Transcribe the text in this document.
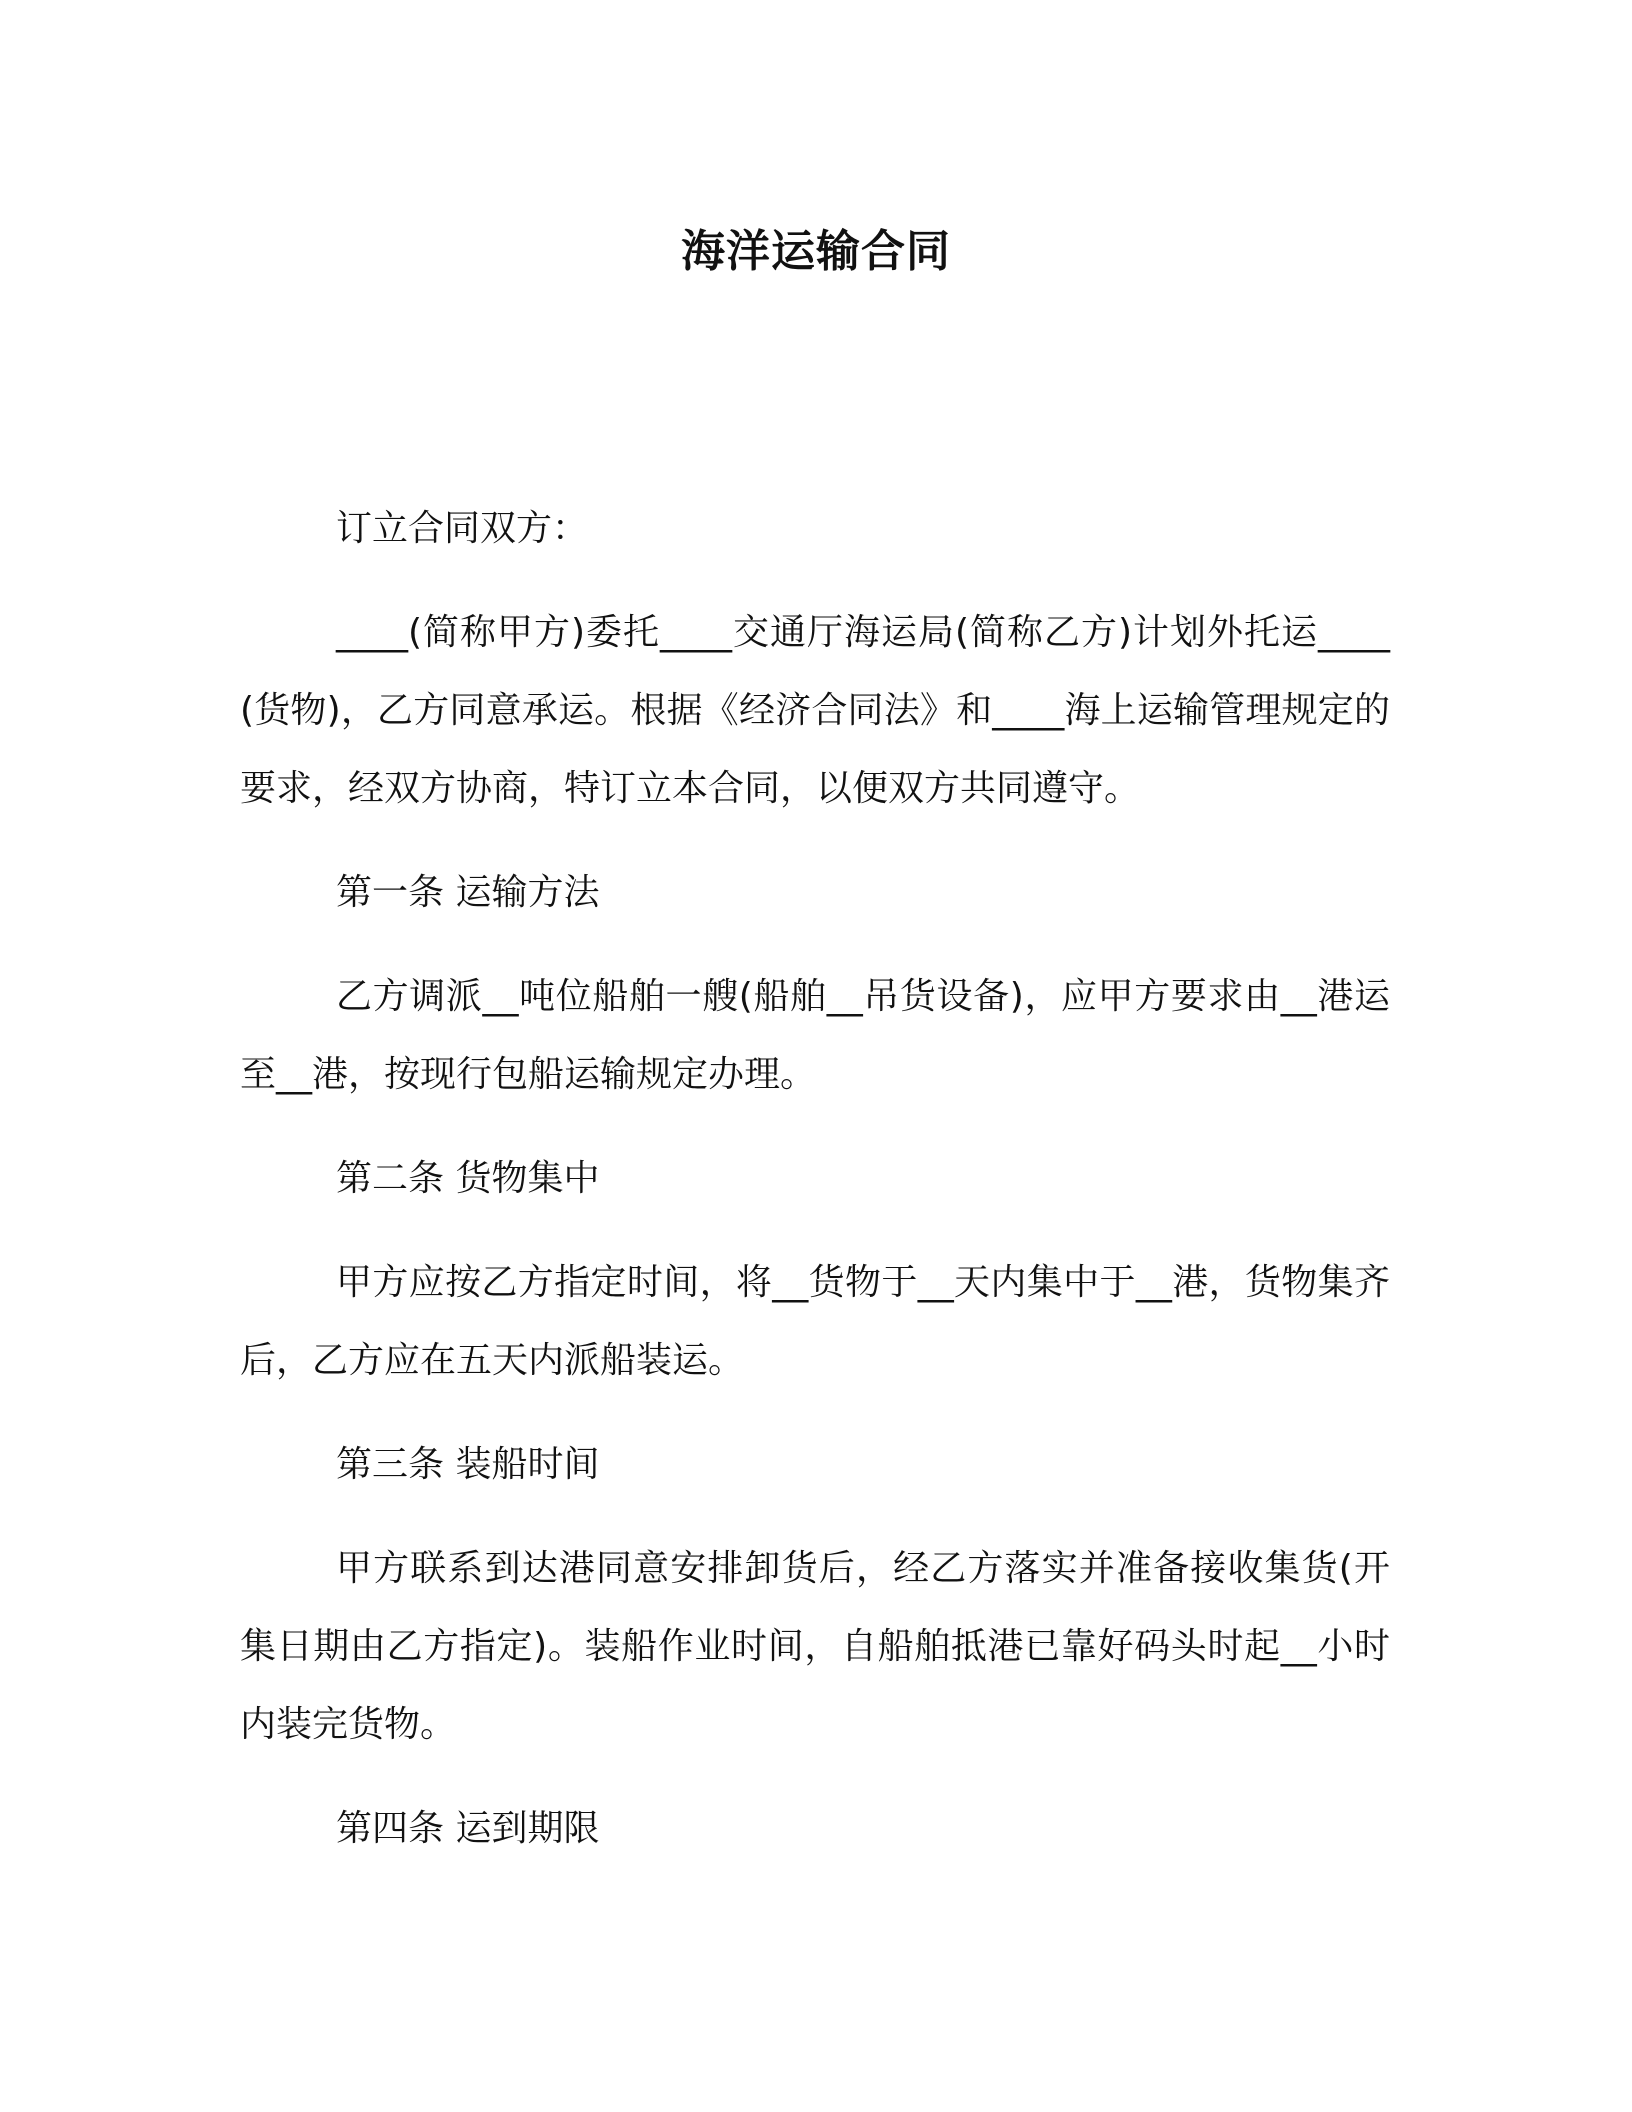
海洋运输合同

订立合同双方：

____(简称甲方)委托____交通厅海运局(简称乙方)计划外托运____(货物)，乙方同意承运。根据《经济合同法》和____海上运输管理规定的要求，经双方协商，特订立本合同，以便双方共同遵守。

第一条 运输方法

乙方调派__吨位船舶一艘(船舶__吊货设备)，应甲方要求由__港运至__港，按现行包船运输规定办理。

第二条 货物集中

甲方应按乙方指定时间，将__货物于__天内集中于__港，货物集齐后，乙方应在五天内派船装运。

第三条 装船时间

甲方联系到达港同意安排卸货后，经乙方落实并准备接收集货(开集日期由乙方指定)。装船作业时间，自船舶抵港已靠好码头时起__小时内装完货物。

第四条 运到期限
